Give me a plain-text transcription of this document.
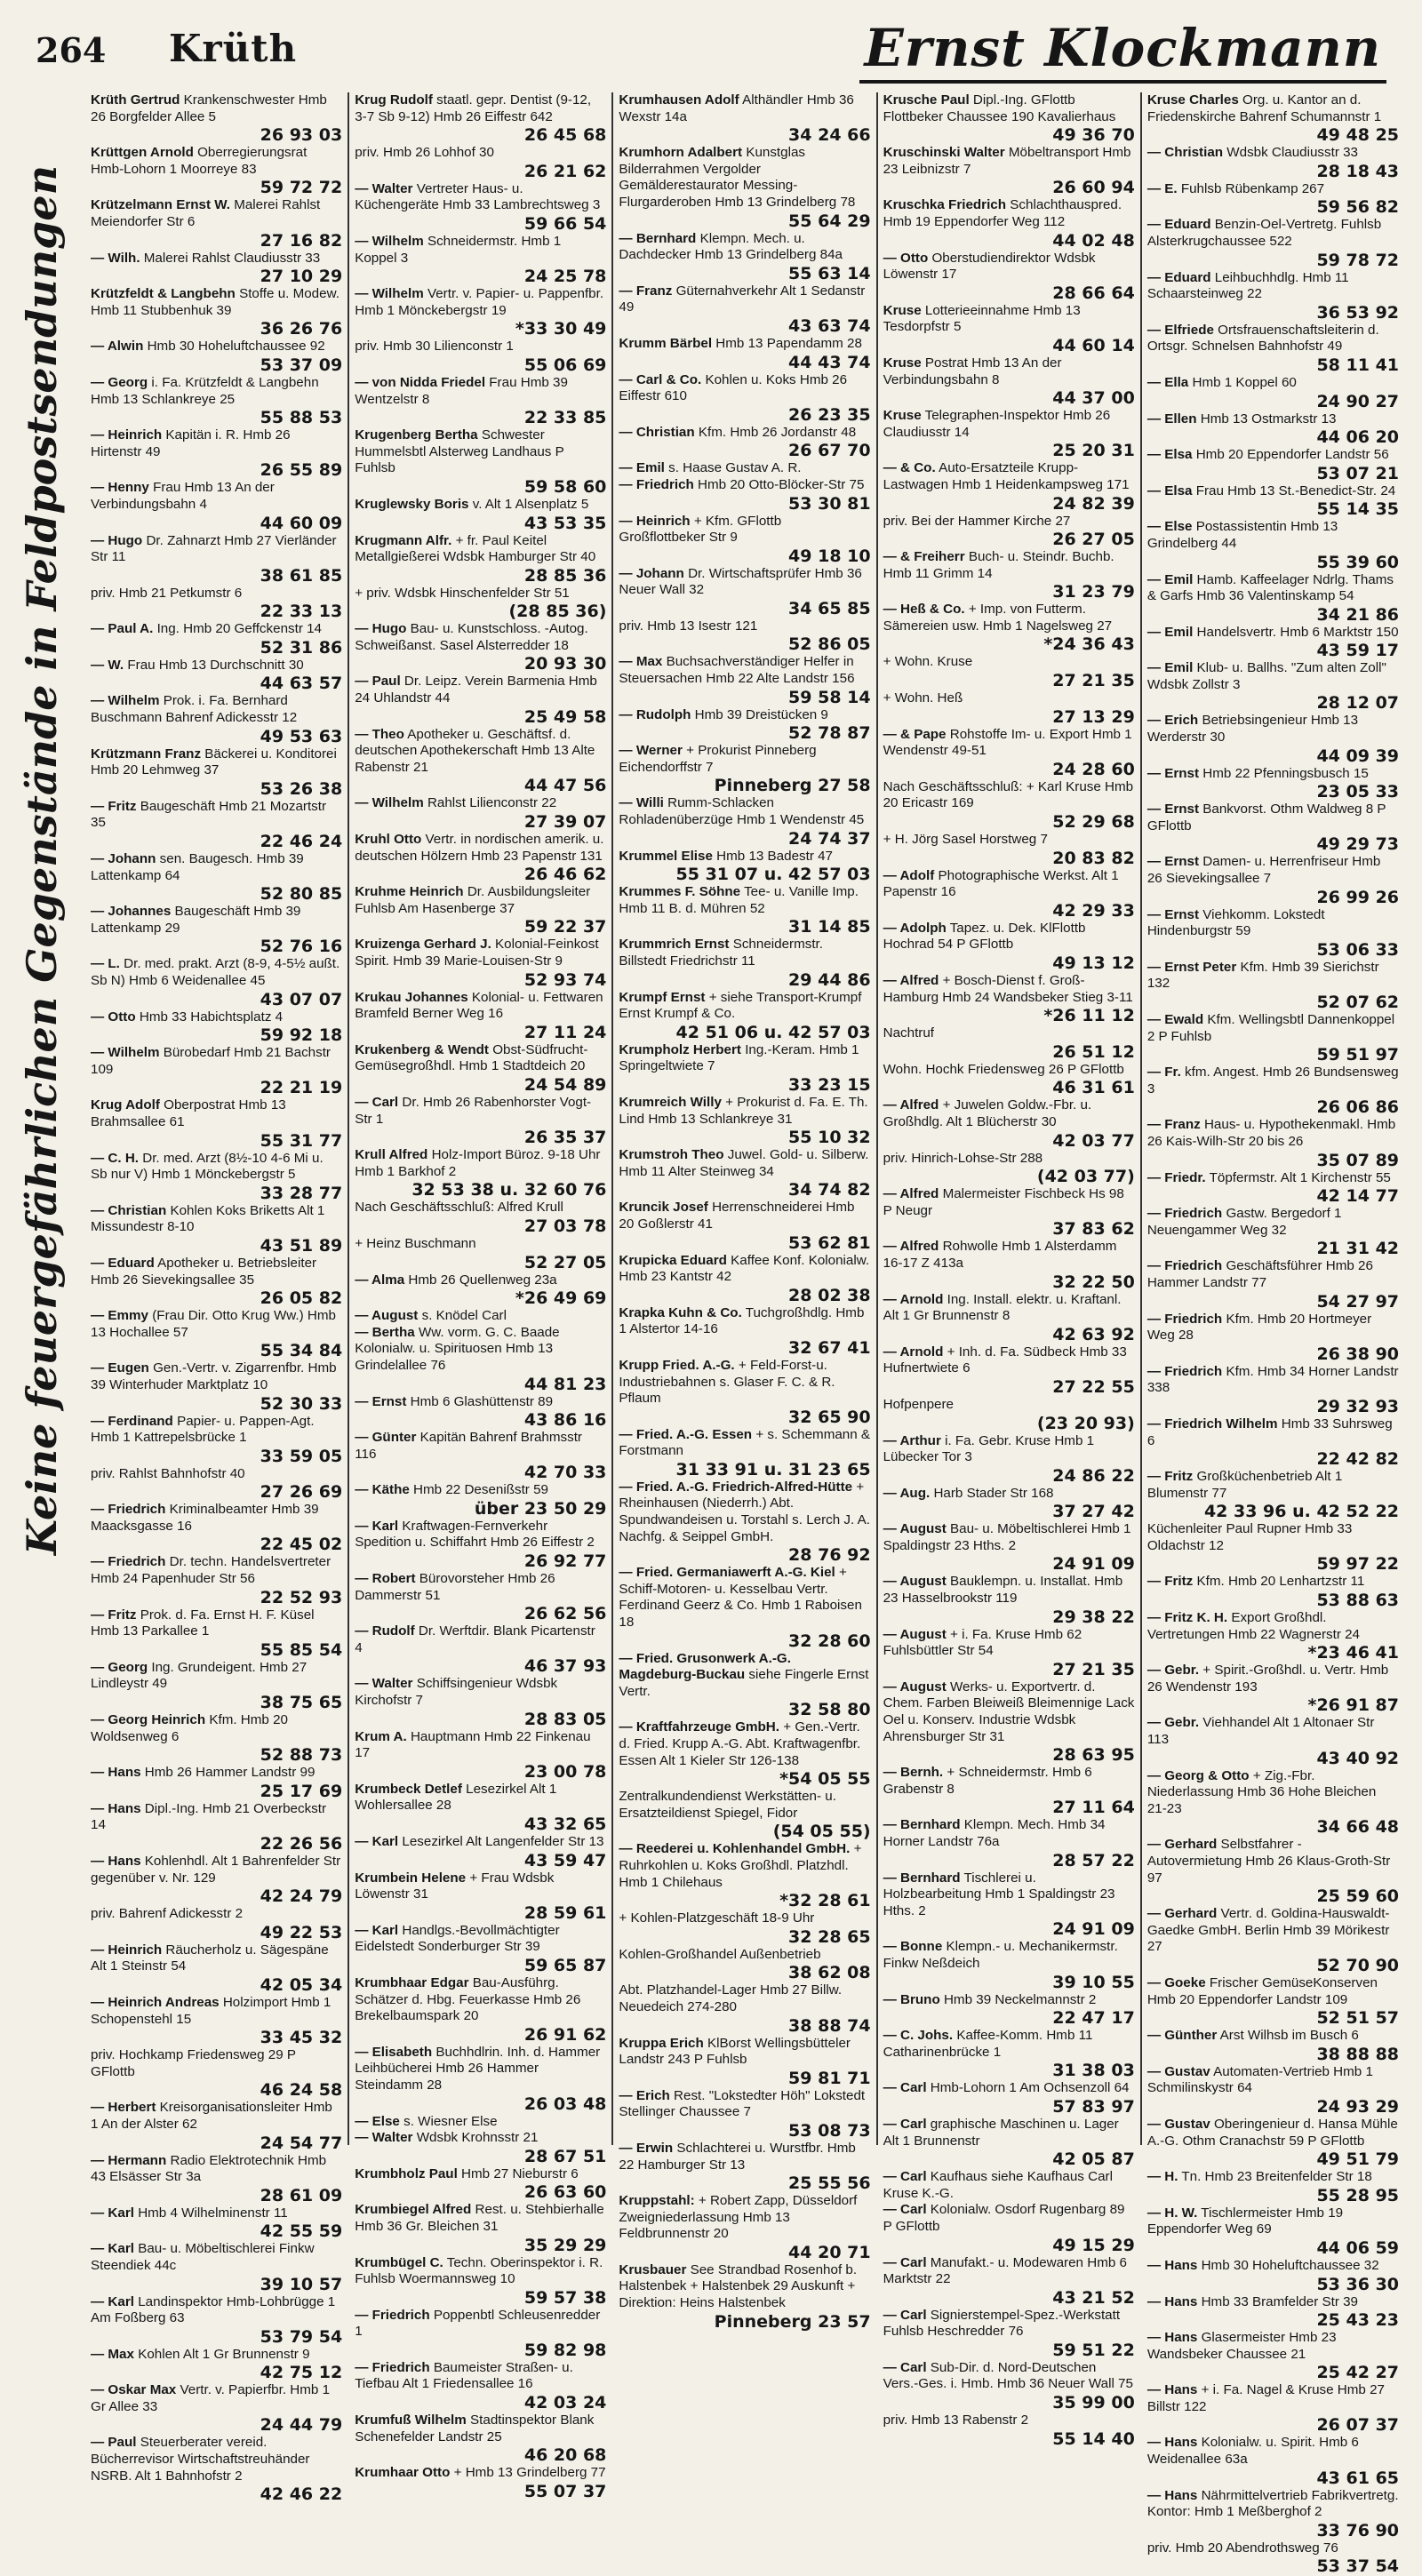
264 Krüth	Ernst Klockmann
Keine feuergefährlichen Gegenstände in Feldpostsendungen

Krüth Gertrud Krankenschwester Hmb 26 Borgfelder Allee 5
26 93 03

Krüttgen Arnold Oberregierungsrat Hmb-Lohorn 1 Moorreye 83
59 72 72

Krützelmann Ernst W. Malerei Rahlst Meiendorfer Str 6
27 16 82

— Wilh. Malerei Rahlst Claudiusstr 33
27 10 29

Krützfeldt & Langbehn Stoffe u. Modew. Hmb 11 Stubbenhuk 39
36 26 76

— Alwin Hmb 30 Hoheluftchaussee 92
53 37 09

— Georg i. Fa. Krützfeldt & Langbehn Hmb 13 Schlankreye 25
55 88 53

— Heinrich Kapitän i. R. Hmb 26 Hirtenstr 49
26 55 89

— Henny Frau Hmb 13 An der Verbindungsbahn 4
44 60 09

— Hugo Dr. Zahnarzt Hmb 27 Vierländer Str 11
38 61 85

priv. Hmb 21 Petkumstr 6
22 33 13

— Paul A. Ing. Hmb 20 Geffckenstr 14
52 31 86

— W. Frau Hmb 13 Durchschnitt 30
44 63 57

— Wilhelm Prok. i. Fa. Bernhard Buschmann Bahrenf Adickesstr 12
49 53 63

Krützmann Franz Bäckerei u. Konditorei Hmb 20 Lehmweg 37
53 26 38

— Fritz Baugeschäft Hmb 21 Mozartstr 35
22 46 24

— Johann sen. Baugesch. Hmb 39 Lattenkamp 64
52 80 85

— Johannes Baugeschäft Hmb 39 Lattenkamp 29
52 76 16

— L. Dr. med. prakt. Arzt (8-9, 4-5½ außt. Sb N) Hmb 6 Weidenallee 45
43 07 07

— Otto Hmb 33 Habichtsplatz 4
59 92 18

— Wilhelm Bürobedarf Hmb 21 Bachstr 109
22 21 19

Krug Adolf Oberpostrat Hmb 13 Brahmsallee 61
55 31 77

— C. H. Dr. med. Arzt (8½-10 4-6 Mi u. Sb nur V) Hmb 1 Mönckebergstr 5
33 28 77

— Christian Kohlen Koks Briketts Alt 1 Missundestr 8-10
43 51 89

— Eduard Apotheker u. Betriebsleiter Hmb 26 Sievekingsallee 35
26 05 82

— Emmy (Frau Dir. Otto Krug Ww.) Hmb 13 Hochallee 57
55 34 84

— Eugen Gen.-Vertr. v. Zigarrenfbr. Hmb 39 Winterhuder Marktplatz 10
52 30 33

— Ferdinand Papier- u. Pappen-Agt. Hmb 1 Kattrepelsbrücke 1
33 59 05

priv. Rahlst Bahnhofstr 40
27 26 69

— Friedrich Kriminalbeamter Hmb 39 Maacksgasse 16
22 45 02

— Friedrich Dr. techn. Handelsvertreter Hmb 24 Papenhuder Str 56
22 52 93

— Fritz Prok. d. Fa. Ernst H. F. Küsel Hmb 13 Parkallee 1
55 85 54

— Georg Ing. Grundeigent. Hmb 27 Lindleystr 49
38 75 65

— Georg Heinrich Kfm. Hmb 20 Woldsenweg 6
52 88 73

— Hans Hmb 26 Hammer Landstr 99
25 17 69

— Hans Dipl.-Ing. Hmb 21 Overbeckstr 14
22 26 56

— Hans Kohlenhdl. Alt 1 Bahrenfelder Str gegenüber v. Nr. 129
42 24 79

priv. Bahrenf Adickesstr 2
49 22 53

— Heinrich Räucherholz u. Sägespäne Alt 1 Steinstr 54
42 05 34

— Heinrich Andreas Holzimport Hmb 1 Schopenstehl 15
33 45 32

priv. Hochkamp Friedensweg 29 P GFlottb
46 24 58

— Herbert Kreisorganisationsleiter Hmb 1 An der Alster 62
24 54 77

— Hermann Radio Elektrotechnik Hmb 43 Elsässer Str 3a
28 61 09

— Karl Hmb 4 Wilhelminenstr 11
42 55 59

— Karl Bau- u. Möbeltischlerei Finkw Steendiek 44c
39 10 57

— Karl Landinspektor Hmb-Lohbrügge 1 Am Foßberg 63
53 79 54

— Max Kohlen Alt 1 Gr Brunnenstr 9
42 75 12

— Oskar Max Vertr. v. Papierfbr. Hmb 1 Gr Allee 33
24 44 79

— Paul Steuerberater vereid. Bücherrevisor Wirtschaftstreuhänder NSRB. Alt 1 Bahnhofstr 2
42 46 22

Krug Rudolf staatl. gepr. Dentist (9-12, 3-7 Sb 9-12) Hmb 26 Eiffestr 642
26 45 68

priv. Hmb 26 Lohhof 30
26 21 62

— Walter Vertreter Haus- u. Küchengeräte Hmb 33 Lambrechtsweg 3
59 66 54

— Wilhelm Schneidermstr. Hmb 1 Koppel 3
24 25 78

— Wilhelm Vertr. v. Papier- u. Pappenfbr. Hmb 1 Mönckebergstr 19
*33 30 49

priv. Hmb 30 Lilienconstr 1
55 06 69

— von Nidda Friedel Frau Hmb 39 Wentzelstr 8
22 33 85

Krugenberg Bertha Schwester Hummelsbtl Alsterweg Landhaus P Fuhlsb
59 58 60

Kruglewsky Boris v. Alt 1 Alsenplatz 5
43 53 35

Krugmann Alfr. + fr. Paul Keitel Metallgießerei Wdsbk Hamburger Str 40
28 85 36

+ priv. Wdsbk Hinschenfelder Str 51
(28 85 36)

— Hugo Bau- u. Kunstschloss. -Autog. Schweißanst. Sasel Alsterredder 18
20 93 30

— Paul Dr. Leipz. Verein Barmenia Hmb 24 Uhlandstr 44
25 49 58

— Theo Apotheker u. Geschäftsf. d. deutschen Apothekerschaft Hmb 13 Alte Rabenstr 21
44 47 56

— Wilhelm Rahlst Lilienconstr 22
27 39 07

Kruhl Otto Vertr. in nordischen amerik. u. deutschen Hölzern Hmb 23 Papenstr 131
26 46 62

Kruhme Heinrich Dr. Ausbildungsleiter Fuhlsb Am Hasenberge 37
59 22 37

Kruizenga Gerhard J. Kolonial-Feinkost Spirit. Hmb 39 Marie-Louisen-Str 9
52 93 74

Krukau Johannes Kolonial- u. Fettwaren Bramfeld Berner Weg 16
27 11 24

Krukenberg & Wendt Obst-Südfrucht-Gemüsegroßhdl. Hmb 1 Stadtdeich 20
24 54 89

— Carl Dr. Hmb 26 Rabenhorster Vogt-Str 1
26 35 37

Krull Alfred Holz-Import Büroz. 9-18 Uhr Hmb 1 Barkhof 2
32 53 38 u. 32 60 76

Nach Geschäftsschluß: Alfred Krull
27 03 78

+ Heinz Buschmann
52 27 05

— Alma Hmb 26 Quellenweg 23a
*26 49 69

— August s. Knödel Carl

— Bertha Ww. vorm. G. C. Baade Kolonialw. u. Spirituosen Hmb 13 Grindelallee 76
44 81 23

— Ernst Hmb 6 Glashüttenstr 89
43 86 16

— Günter Kapitän Bahrenf Brahmsstr 116
42 70 33

— Käthe Hmb 22 Desenißstr 59
über 23 50 29

— Karl Kraftwagen-Fernverkehr Spedition u. Schiffahrt Hmb 26 Eiffestr 2
26 92 77

— Robert Bürovorsteher Hmb 26 Dammerstr 51
26 62 56

— Rudolf Dr. Werftdir. Blank Picartenstr 4
46 37 93

— Walter Schiffsingenieur Wdsbk Kirchofstr 7
28 83 05

Krum A. Hauptmann Hmb 22 Finkenau 17
23 00 78

Krumbeck Detlef Lesezirkel Alt 1 Wohlersallee 28
43 32 65

— Karl Lesezirkel Alt Langenfelder Str 13
43 59 47

Krumbein Helene + Frau Wdsbk Löwenstr 31
28 59 61

— Karl Handlgs.-Bevollmächtigter Eidelstedt Sonderburger Str 39
59 65 87

Krumbhaar Edgar Bau-Ausführg. Schätzer d. Hbg. Feuerkasse Hmb 26 Brekelbaumspark 20
26 91 62

— Elisabeth Buchhdlrin. Inh. d. Hammer Leihbücherei Hmb 26 Hammer Steindamm 28
26 03 48

— Else s. Wiesner Else

— Walter Wdsbk Krohnsstr 21
28 67 51

Krumbholz Paul Hmb 27 Nieburstr 6
26 63 60

Krumbiegel Alfred Rest. u. Stehbierhalle Hmb 36 Gr. Bleichen 31
35 29 29

Krumbügel C. Techn. Oberinspektor i. R. Fuhlsb Woermannsweg 10
59 57 38

— Friedrich Poppenbtl Schleusenredder 1
59 82 98

— Friedrich Baumeister Straßen- u. Tiefbau Alt 1 Friedensallee 16
42 03 24

Krumfuß Wilhelm Stadtinspektor Blank Schenefelder Landstr 25
46 20 68

Krumhaar Otto + Hmb 13 Grindelberg 77
55 07 37

Krumhausen Adolf Althändler Hmb 36 Wexstr 14a
34 24 66

Krumhorn Adalbert Kunstglas Bilderrahmen Vergolder Gemälderestaurator Messing-Flurgarderoben Hmb 13 Grindelberg 78
55 64 29

— Bernhard Klempn. Mech. u. Dachdecker Hmb 13 Grindelberg 84a
55 63 14

— Franz Güternahverkehr Alt 1 Sedanstr 49
43 63 74

Krumm Bärbel Hmb 13 Papendamm 28
44 43 74

— Carl & Co. Kohlen u. Koks Hmb 26 Eiffestr 610
26 23 35

— Christian Kfm. Hmb 26 Jordanstr 48
26 67 70

— Emil s. Haase Gustav A. R.

— Friedrich Hmb 20 Otto-Blöcker-Str 75
53 30 81

— Heinrich + Kfm. GFlottb Großflottbeker Str 9
49 18 10

— Johann Dr. Wirtschaftsprüfer Hmb 36 Neuer Wall 32
34 65 85

priv. Hmb 13 Isestr 121
52 86 05

— Max Buchsachverständiger Helfer in Steuersachen Hmb 22 Alte Landstr 156
59 58 14

— Rudolph Hmb 39 Dreistücken 9
52 78 87

— Werner + Prokurist Pinneberg Eichendorffstr 7
Pinneberg 27 58

— Willi Rumm-Schlacken Rohladenüberzüge Hmb 1 Wendenstr 45
24 74 37

Krummel Elise Hmb 13 Badestr 47
55 31 07 u. 42 57 03

Krummes F. Söhne Tee- u. Vanille Imp. Hmb 11 B. d. Mühren 52
31 14 85

Krummrich Ernst Schneidermstr. Billstedt Friedrichstr 11
29 44 86

Krumpf Ernst + siehe Transport-Krumpf Ernst Krumpf & Co.
42 51 06 u. 42 57 03

Krumpholz Herbert Ing.-Keram. Hmb 1 Springeltwiete 7
33 23 15

Krumreich Willy + Prokurist d. Fa. E. Th. Lind Hmb 13 Schlankreye 31
55 10 32

Krumstroh Theo Juwel. Gold- u. Silberw. Hmb 11 Alter Steinweg 34
34 74 82

Kruncik Josef Herrenschneiderei Hmb 20 Goßlerstr 41
53 62 81

Krupicka Eduard Kaffee Konf. Kolonialw. Hmb 23 Kantstr 42
28 02 38

Krapka Kuhn & Co. Tuchgroßhdlg. Hmb 1 Alstertor 14-16
32 67 41

Krupp Fried. A.-G. + Feld-Forst-u. Industriebahnen s. Glaser F. C. & R. Pflaum
32 65 90

— Fried. A.-G. Essen + s. Schemmann & Forstmann
31 33 91 u. 31 23 65

— Fried. A.-G. Friedrich-Alfred-Hütte + Rheinhausen (Niederrh.) Abt. Spundwandeisen u. Torstahl s. Lerch J. A. Nachfg. & Seippel GmbH.
28 76 92

— Fried. Germaniawerft A.-G. Kiel + Schiff-Motoren- u. Kesselbau Vertr. Ferdinand Geerz & Co. Hmb 1 Raboisen 18
32 28 60

— Fried. Grusonwerk A.-G. Magdeburg-Buckau siehe Fingerle Ernst Vertr.
32 58 80

— Kraftfahrzeuge GmbH. + Gen.-Vertr. d. Fried. Krupp A.-G. Abt. Kraftwagenfbr. Essen Alt 1 Kieler Str 126-138
*54 05 55

Zentralkundendienst Werkstätten- u. Ersatzteildienst Spiegel, Fidor
(54 05 55)

— Reederei u. Kohlenhandel GmbH. + Ruhrkohlen u. Koks Großhdl. Platzhdl. Hmb 1 Chilehaus
*32 28 61

+ Kohlen-Platzgeschäft 18-9 Uhr
32 28 65

Kohlen-Großhandel Außenbetrieb
38 62 08

Abt. Platzhandel-Lager Hmb 27 Billw. Neuedeich 274-280
38 88 74

Kruppa Erich KlBorst Wellingsbütteler Landstr 243 P Fuhlsb
59 81 71

— Erich Rest. "Lokstedter Höh" Lokstedt Stellinger Chaussee 7
53 08 73

— Erwin Schlachterei u. Wurstfbr. Hmb 22 Hamburger Str 13
25 55 56

Kruppstahl: + Robert Zapp, Düsseldorf Zweigniederlassung Hmb 13 Feldbrunnenstr 20
44 20 71

Krusbauer See Strandbad Rosenhof b. Halstenbek + Halstenbek 29 Auskunft + Direktion: Heins Halstenbek
Pinneberg 23 57

Krusche Paul Dipl.-Ing. GFlottb Flottbeker Chaussee 190 Kavalierhaus
49 36 70

Kruschinski Walter Möbeltransport Hmb 23 Leibnizstr 7
26 60 94

Kruschka Friedrich Schlachthauspred. Hmb 19 Eppendorfer Weg 112
44 02 48

— Otto Oberstudiendirektor Wdsbk Löwenstr 17
28 66 64

Kruse Lotterieeinnahme Hmb 13 Tesdorpfstr 5
44 60 14

Kruse Postrat Hmb 13 An der Verbindungsbahn 8
44 37 00

Kruse Telegraphen-Inspektor Hmb 26 Claudiusstr 14
25 20 31

— & Co. Auto-Ersatzteile Krupp-Lastwagen Hmb 1 Heidenkampsweg 171
24 82 39

priv. Bei der Hammer Kirche 27
26 27 05

— & Freiherr Buch- u. Steindr. Buchb. Hmb 11 Grimm 14
31 23 79

— Heß & Co. + Imp. von Futterm. Sämereien usw. Hmb 1 Nagelsweg 27
*24 36 43

+ Wohn. Kruse
27 21 35

+ Wohn. Heß
27 13 29

— & Pape Rohstoffe Im- u. Export Hmb 1 Wendenstr 49-51
24 28 60

Nach Geschäftsschluß: + Karl Kruse Hmb 20 Ericastr 169
52 29 68

+ H. Jörg Sasel Horstweg 7
20 83 82

— Adolf Photographische Werkst. Alt 1 Papenstr 16
42 29 33

— Adolph Tapez. u. Dek. KlFlottb Hochrad 54 P GFlottb
49 13 12

— Alfred + Bosch-Dienst f. Groß-Hamburg Hmb 24 Wandsbeker Stieg 3-11
*26 11 12

Nachtruf
26 51 12

Wohn. Hochk Friedensweg 26 P GFlottb
46 31 61

— Alfred + Juwelen Goldw.-Fbr. u. Großhdlg. Alt 1 Blücherstr 30
42 03 77

priv. Hinrich-Lohse-Str 288
(42 03 77)

— Alfred Malermeister Fischbeck Hs 98 P Neugr
37 83 62

— Alfred Rohwolle Hmb 1 Alsterdamm 16-17 Z 413a
32 22 50

— Arnold Ing. Install. elektr. u. Kraftanl. Alt 1 Gr Brunnenstr 8
42 63 92

— Arnold + Inh. d. Fa. Südbeck Hmb 33 Hufnertwiete 6
27 22 55

Hofpenpere
(23 20 93)

— Arthur i. Fa. Gebr. Kruse Hmb 1 Lübecker Tor 3
24 86 22

— Aug. Harb Stader Str 168
37 27 42

— August Bau- u. Möbeltischlerei Hmb 1 Spaldingstr 23 Hths. 2
24 91 09

— August Bauklempn. u. Installat. Hmb 23 Hasselbrookstr 119
29 38 22

— August + i. Fa. Kruse Hmb 62 Fuhlsbüttler Str 54
27 21 35

— August Werks- u. Exportvertr. d. Chem. Farben Bleiweiß Bleimennige Lack Oel u. Konserv. Industrie Wdsbk Ahrensburger Str 31
28 63 95

— Bernh. + Schneidermstr. Hmb 6 Grabenstr 8
27 11 64

— Bernhard Klempn. Mech. Hmb 34 Horner Landstr 76a
28 57 22

— Bernhard Tischlerei u. Holzbearbeitung Hmb 1 Spaldingstr 23 Hths. 2
24 91 09

— Bonne Klempn.- u. Mechanikermstr. Finkw Neßdeich
39 10 55

— Bruno Hmb 39 Neckelmannstr 2
22 47 17

— C. Johs. Kaffee-Komm. Hmb 11 Catharinenbrücke 1
31 38 03

— Carl Hmb-Lohorn 1 Am Ochsenzoll 64
57 83 97

— Carl graphische Maschinen u. Lager Alt 1 Brunnenstr
42 05 87

— Carl Kaufhaus siehe Kaufhaus Carl Kruse K.-G.

— Carl Kolonialw. Osdorf Rugenbarg 89 P GFlottb
49 15 29

— Carl Manufakt.- u. Modewaren Hmb 6 Marktstr 22
43 21 52

— Carl Signierstempel-Spez.-Werkstatt Fuhlsb Heschredder 76
59 51 22

— Carl Sub-Dir. d. Nord-Deutschen Vers.-Ges. i. Hmb. Hmb 36 Neuer Wall 75
35 99 00

priv. Hmb 13 Rabenstr 2
55 14 40

Kruse Charles Org. u. Kantor an d. Friedenskirche Bahrenf Schumannstr 1
49 48 25

— Christian Wdsbk Claudiusstr 33
28 18 43

— E. Fuhlsb Rübenkamp 267
59 56 82

— Eduard Benzin-Oel-Vertretg. Fuhlsb Alsterkrugchaussee 522
59 78 72

— Eduard Leihbuchhdlg. Hmb 11 Schaarsteinweg 22
36 53 92

— Elfriede Ortsfrauenschaftsleiterin d. Ortsgr. Schnelsen Bahnhofstr 49
58 11 41

— Ella Hmb 1 Koppel 60
24 90 27

— Ellen Hmb 13 Ostmarkstr 13
44 06 20

— Elsa Hmb 20 Eppendorfer Landstr 56
53 07 21

— Elsa Frau Hmb 13 St.-Benedict-Str. 24
55 14 35

— Else Postassistentin Hmb 13 Grindelberg 44
55 39 60

— Emil Hamb. Kaffeelager Ndrlg. Thams & Garfs Hmb 36 Valentinskamp 54
34 21 86

— Emil Handelsvertr. Hmb 6 Marktstr 150
43 59 17

— Emil Klub- u. Ballhs. "Zum alten Zoll" Wdsbk Zollstr 3
28 12 07

— Erich Betriebsingenieur Hmb 13 Werderstr 30
44 09 39

— Ernst Hmb 22 Pfenningsbusch 15
23 05 33

— Ernst Bankvorst. Othm Waldweg 8 P GFlottb
49 29 73

— Ernst Damen- u. Herrenfriseur Hmb 26 Sievekingsallee 7
26 99 26

— Ernst Viehkomm. Lokstedt Hindenburgstr 59
53 06 33

— Ernst Peter Kfm. Hmb 39 Sierichstr 132
52 07 62

— Ewald Kfm. Wellingsbtl Dannenkoppel 2 P Fuhlsb
59 51 97

— Fr. kfm. Angest. Hmb 26 Bundsensweg 3
26 06 86

— Franz Haus- u. Hypothekenmakl. Hmb 26 Kais-Wilh-Str 20 bis 26
35 07 89

— Friedr. Töpfermstr. Alt 1 Kirchenstr 55
42 14 77

— Friedrich Gastw. Bergedorf 1 Neuengammer Weg 32
21 31 42

— Friedrich Geschäftsführer Hmb 26 Hammer Landstr 77
54 27 97

— Friedrich Kfm. Hmb 20 Hortmeyer Weg 28
26 38 90

— Friedrich Kfm. Hmb 34 Horner Landstr 338
29 32 93

— Friedrich Wilhelm Hmb 33 Suhrsweg 6
22 42 82

— Fritz Großküchenbetrieb Alt 1 Blumenstr 77
42 33 96 u. 42 52 22

Küchenleiter Paul Rupner Hmb 33 Oldachstr 12
59 97 22

— Fritz Kfm. Hmb 20 Lenhartzstr 11
53 88 63

— Fritz K. H. Export Großhdl. Vertretungen Hmb 22 Wagnerstr 24
*23 46 41

— Gebr. + Spirit.-Großhdl. u. Vertr. Hmb 26 Wendenstr 193
*26 91 87

— Gebr. Viehhandel Alt 1 Altonaer Str 113
43 40 92

— Georg & Otto + Zig.-Fbr. Niederlassung Hmb 36 Hohe Bleichen 21-23
34 66 48

— Gerhard Selbstfahrer - Autovermietung Hmb 26 Klaus-Groth-Str 97
25 59 60

— Gerhard Vertr. d. Goldina-Hauswaldt-Gaedke GmbH. Berlin Hmb 39 Mörikestr 27
52 70 90

— Goeke Frischer GemüseKonserven Hmb 20 Eppendorfer Landstr 109
52 51 57

— Günther Arst Wilhsb im Busch 6
38 88 88

— Gustav Automaten-Vertrieb Hmb 1 Schmilinskystr 64
24 93 29

— Gustav Oberingenieur d. Hansa Mühle A.-G. Othm Cranachstr 59 P GFlottb
49 51 79

— H. Tn. Hmb 23 Breitenfelder Str 18
55 28 95

— H. W. Tischlermeister Hmb 19 Eppendorfer Weg 69
44 06 59

— Hans Hmb 30 Hoheluftchaussee 32
53 36 30

— Hans Hmb 33 Bramfelder Str 39
25 43 23

— Hans Glasermeister Hmb 23 Wandsbeker Chaussee 21
25 42 27

— Hans + i. Fa. Nagel & Kruse Hmb 27 Billstr 122
26 07 37

— Hans Kolonialw. u. Spirit. Hmb 6 Weidenallee 63a
43 61 65

— Hans Nährmittelvertrieb Fabrikvertretg. Kontor: Hmb 1 Meßberghof 2
33 76 90

priv. Hmb 20 Abendrothsweg 76
53 37 54
